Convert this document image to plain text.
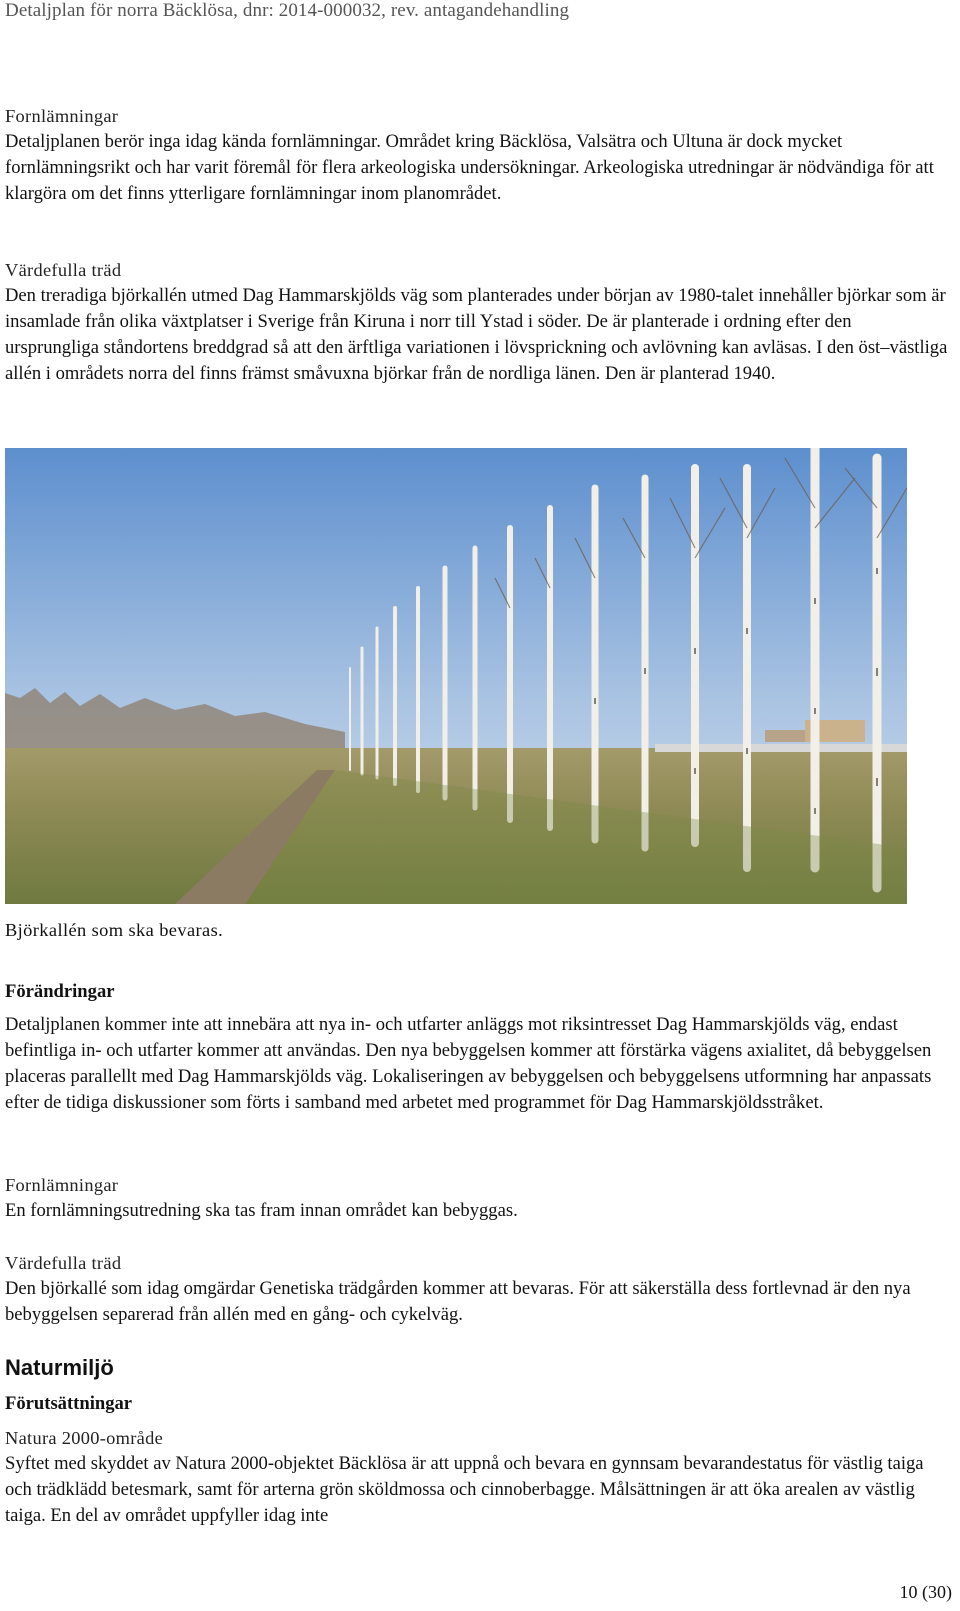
Detaljplan för norra Bäcklösa, dnr: 2014-000032, rev. antagandehandling

Fornlämningar

Detaljplanen berör inga idag kända fornlämningar. Området kring Bäcklösa, Valsätra och Ultuna är dock mycket fornlämningsrikt och har varit föremål för flera arkeologiska undersökningar. Arkeologiska utredningar är nödvändiga för att klargöra om det finns ytterligare fornlämningar inom planområdet.

Värdefulla träd

Den treradiga björkallén utmed Dag Hammarskjölds väg som planterades under början av 1980-talet innehåller björkar som är insamlade från olika växtplatser i Sverige från Kiruna i norr till Ystad i söder. De är planterade i ordning efter den ursprungliga ståndortens breddgrad så att den ärftliga variationen i lövsprickning och avlövning kan avläsas. I den öst–västliga allén i områdets norra del finns främst småvuxna björkar från de nordliga länen. Den är planterad 1940.

Björkallén som ska bevaras.

Förändringar

Detaljplanen kommer inte att innebära att nya in- och utfarter anläggs mot riksintresset Dag Hammarskjölds väg, endast befintliga in- och utfarter kommer att användas. Den nya bebyggelsen kommer att förstärka vägens axialitet, då bebyggelsen placeras parallellt med Dag Hammarskjölds väg. Lokaliseringen av bebyggelsen och bebyggelsens utformning har anpassats efter de tidiga diskussioner som förts i samband med arbetet med programmet för Dag Hammarskjöldsstråket.

Fornlämningar

En fornlämningsutredning ska tas fram innan området kan bebyggas.

Värdefulla träd

Den björkallé som idag omgärdar Genetiska trädgården kommer att bevaras. För att säkerställa dess fortlevnad är den nya bebyggelsen separerad från allén med en gång- och cykelväg.

Naturmiljö

Förutsättningar

Natura 2000-område

Syftet med skyddet av Natura 2000-objektet Bäcklösa är att uppnå och bevara en gynnsam bevarandestatus för västlig taiga och trädklädd betesmark, samt för arterna grön sköldmossa och cinnoberbagge. Målsättningen är att öka arealen av västlig taiga. En del av området uppfyller idag inte

10 (30)
